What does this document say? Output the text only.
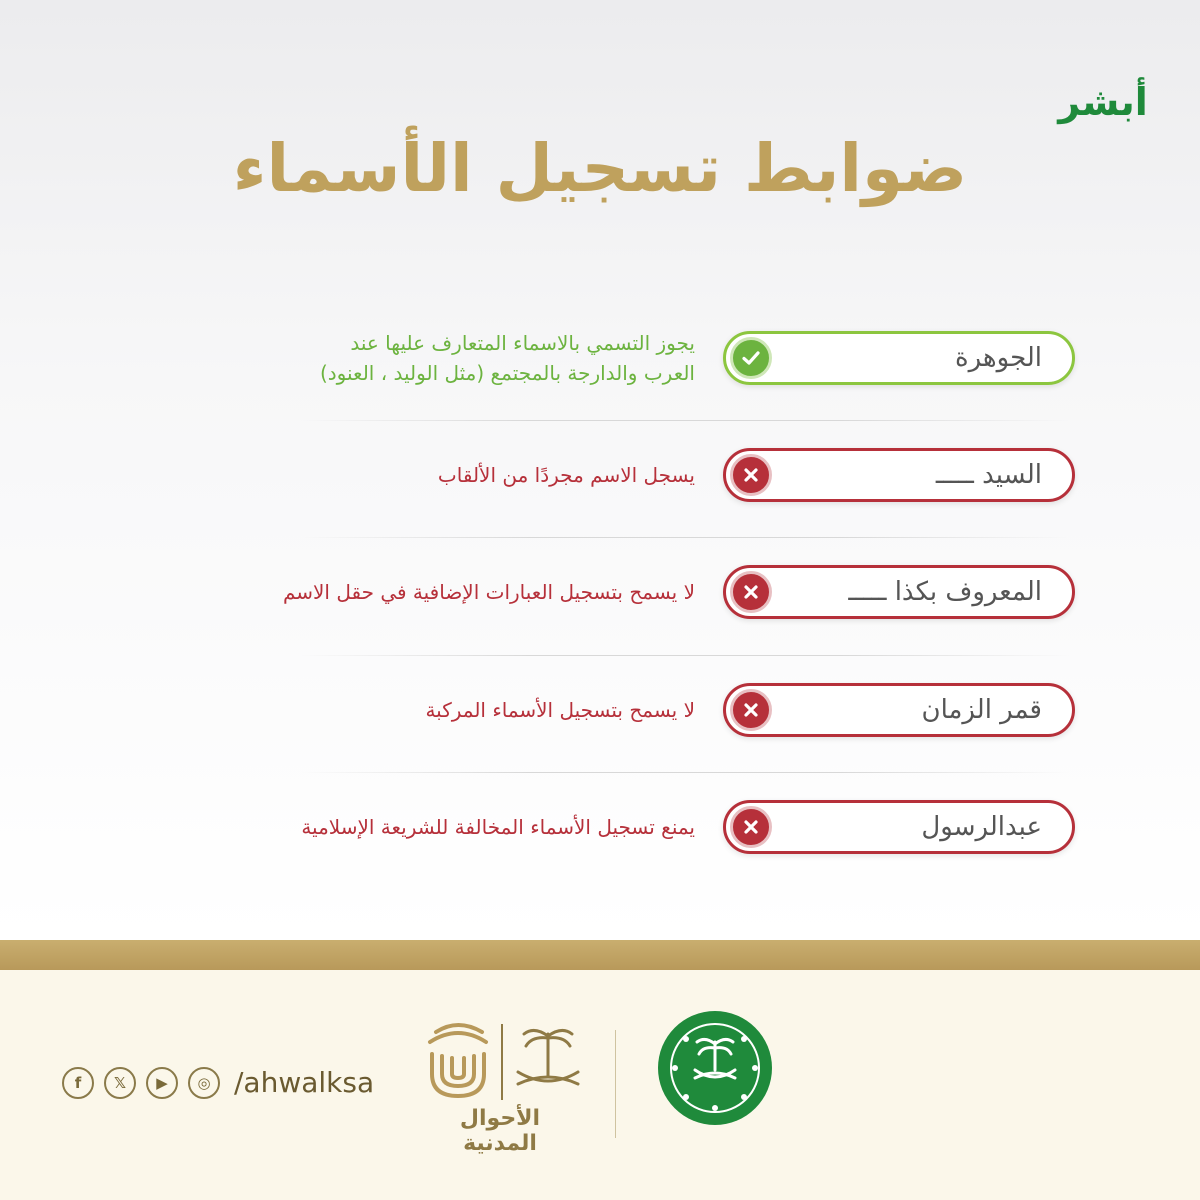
أبشر
ضوابط تسجيل الأسماء
يجوز التسمي بالاسماء المتعارف عليها عند
العرب والدارجة بالمجتمع (مثل الوليد ، العنود)	الجوهرة
يسجل الاسم مجردًا من الألقاب	السيد ـــــ
لا يسمح بتسجيل العبارات الإضافية في حقل الاسم	المعروف بكذا ـــــ
لا يسمح بتسجيل الأسماء المركبة	قمر الزمان
يمنع تسجيل الأسماء المخالفة للشريعة الإسلامية	عبدالرسول
f	𝕏	▶	◎ /ahwalksa
الأحوال المدنية
